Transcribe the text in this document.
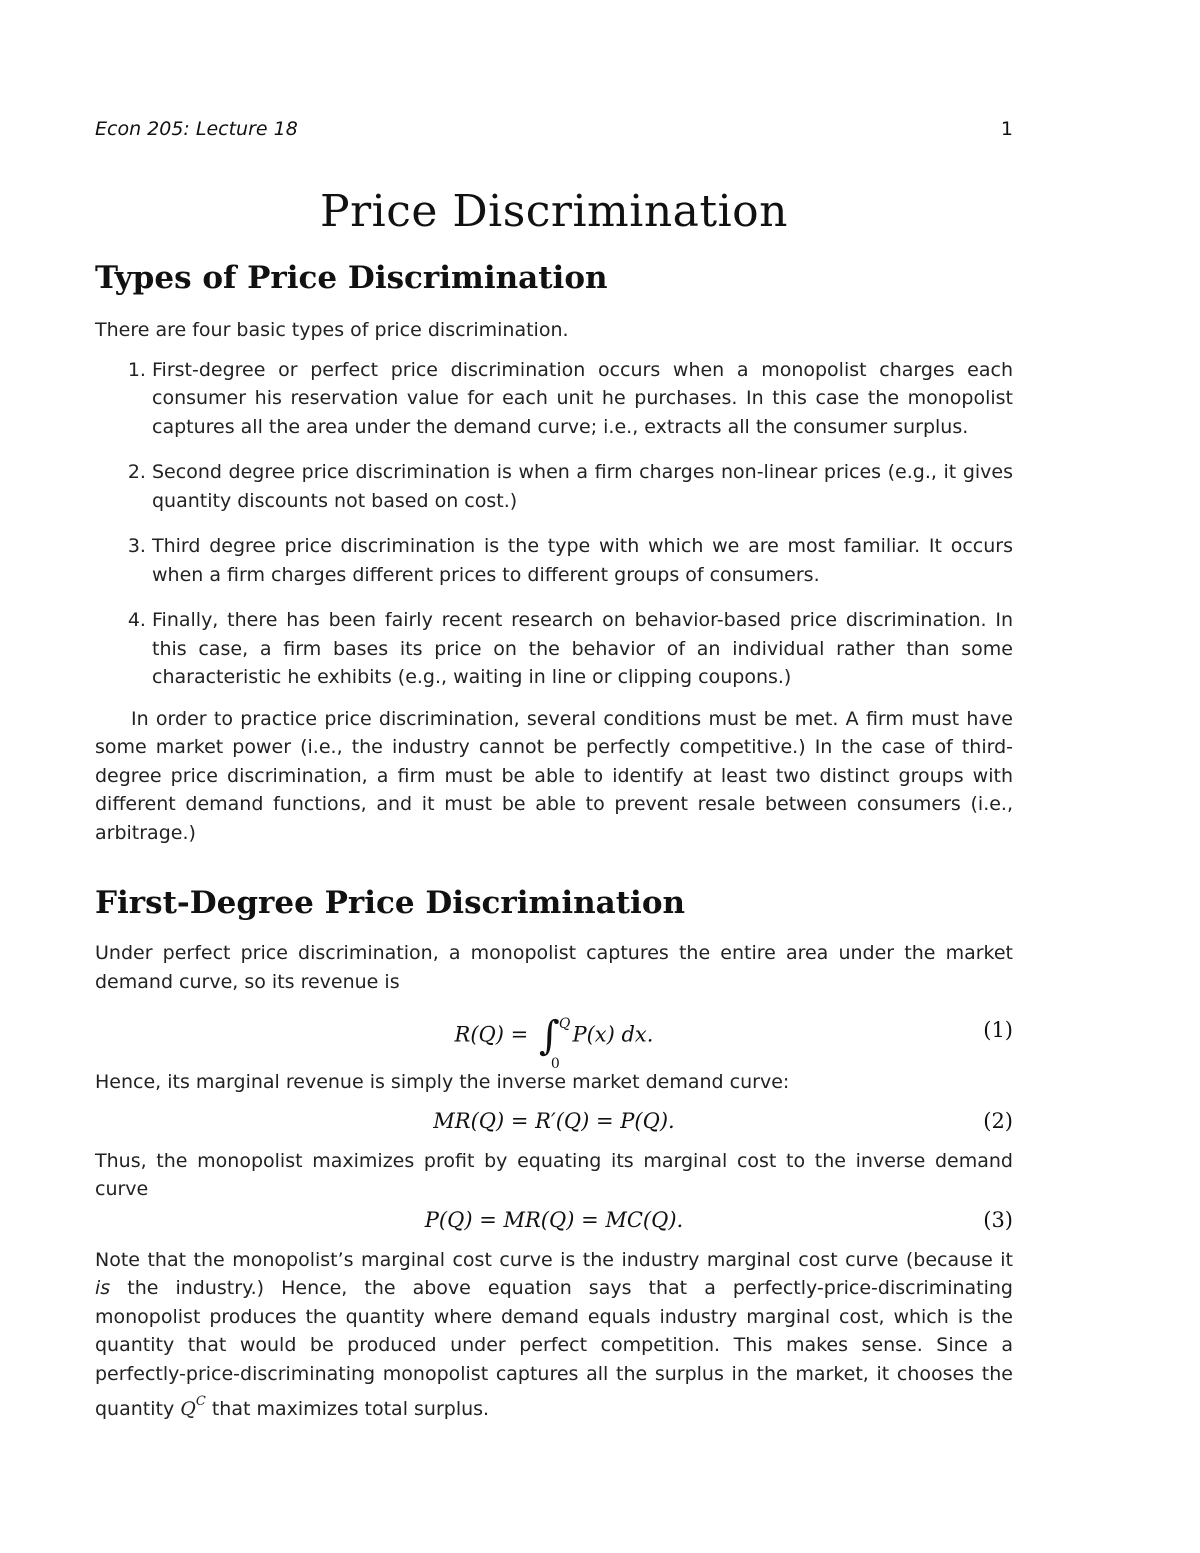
Econ 205: Lecture 18	1
Price Discrimination
Types of Price Discrimination

There are four basic types of price discrimination.

1. First-degree or perfect price discrimination occurs when a monopolist charges each consumer his reservation value for each unit he purchases. In this case the monopolist captures all the area under the demand curve; i.e., extracts all the consumer surplus.
2. Second degree price discrimination is when a firm charges non-linear prices (e.g., it gives quantity discounts not based on cost.)
3. Third degree price discrimination is the type with which we are most familiar. It occurs when a firm charges different prices to different groups of consumers.
4. Finally, there has been fairly recent research on behavior-based price discrimination. In this case, a firm bases its price on the behavior of an individual rather than some characteristic he exhibits (e.g., waiting in line or clipping coupons.)

In order to practice price discrimination, several conditions must be met. A firm must have some market power (i.e., the industry cannot be perfectly competitive.) In the case of third-degree price discrimination, a firm must be able to identify at least two distinct groups with different demand functions, and it must be able to prevent resale between consumers (i.e., arbitrage.)

First-Degree Price Discrimination

Under perfect price discrimination, a monopolist captures the entire area under the market demand curve, so its revenue is

R(Q) = ∫ Q
0
P(x) dx.	(1)

Hence, its marginal revenue is simply the inverse market demand curve:

MR(Q) = R′(Q) = P(Q).	(2)

Thus, the monopolist maximizes profit by equating its marginal cost to the inverse demand curve

P(Q) = MR(Q) = MC(Q).	(3)

Note that the monopolist’s marginal cost curve is the industry marginal cost curve (because it is the industry.) Hence, the above equation says that a perfectly-price-discriminating monopolist produces the quantity where demand equals industry marginal cost, which is the quantity that would be produced under perfect competition. This makes sense. Since a perfectly-price-discriminating monopolist captures all the surplus in the market, it chooses the quantity $Q^C$ that maximizes total surplus.
